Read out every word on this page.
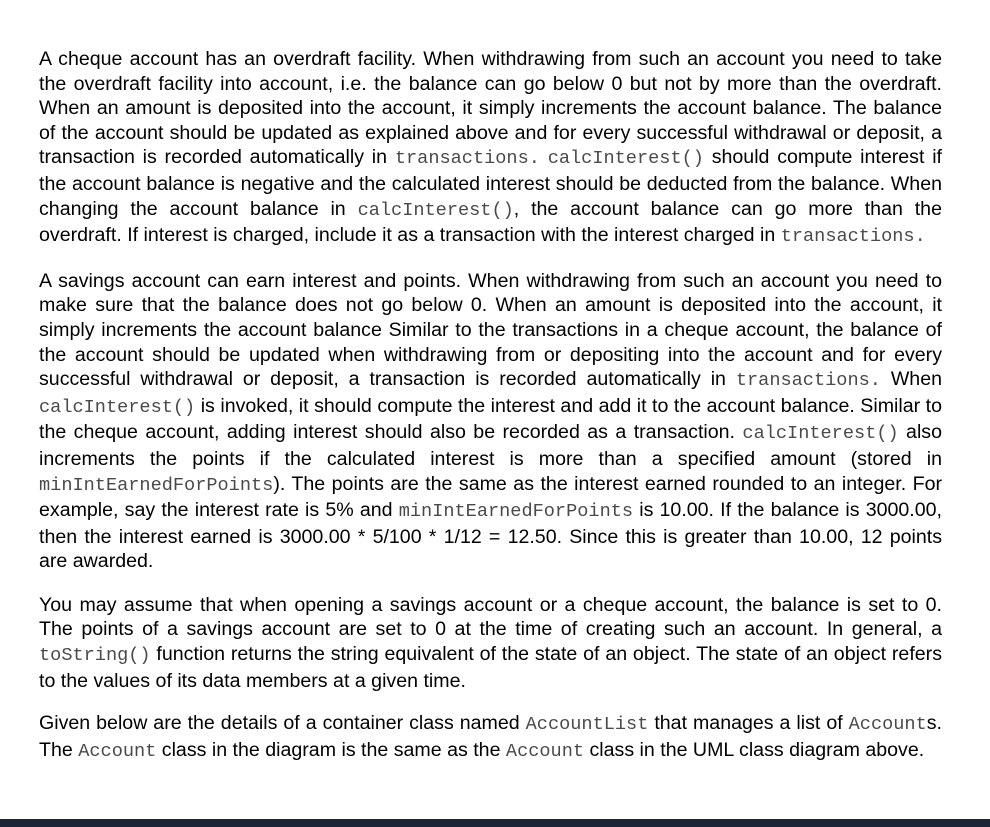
A cheque account has an overdraft facility. When withdrawing from such an account you need to take the overdraft facility into account, i.e. the balance can go below 0 but not by more than the overdraft. When an amount is deposited into the account, it simply increments the account balance. The balance of the account should be updated as explained above and for every successful withdrawal or deposit, a transaction is recorded automatically in transactions. calcInterest() should compute interest if the account balance is negative and the calculated interest should be deducted from the balance. When changing the account balance in calcInterest(), the account balance can go more than the overdraft. If interest is charged, include it as a transaction with the interest charged in transactions.

A savings account can earn interest and points. When withdrawing from such an account you need to make sure that the balance does not go below 0. When an amount is deposited into the account, it simply increments the account balance Similar to the transactions in a cheque account, the balance of the account should be updated when withdrawing from or depositing into the account and for every successful withdrawal or deposit, a transaction is recorded automatically in transactions. When calcInterest() is invoked, it should compute the interest and add it to the account balance. Similar to the cheque account, adding interest should also be recorded as a transaction. calcInterest() also increments the points if the calculated interest is more than a specified amount (stored in minIntEarnedForPoints). The points are the same as the interest earned rounded to an integer. For example, say the interest rate is 5% and minIntEarnedForPoints is 10.00. If the balance is 3000.00, then the interest earned is 3000.00 * 5/100 * 1/12 = 12.50. Since this is greater than 10.00, 12 points are awarded.

You may assume that when opening a savings account or a cheque account, the balance is set to 0. The points of a savings account are set to 0 at the time of creating such an account. In general, a toString() function returns the string equivalent of the state of an object. The state of an object refers to the values of its data members at a given time.

Given below are the details of a container class named AccountList that manages a list of Accounts. The Account class in the diagram is the same as the Account class in the UML class diagram above.
